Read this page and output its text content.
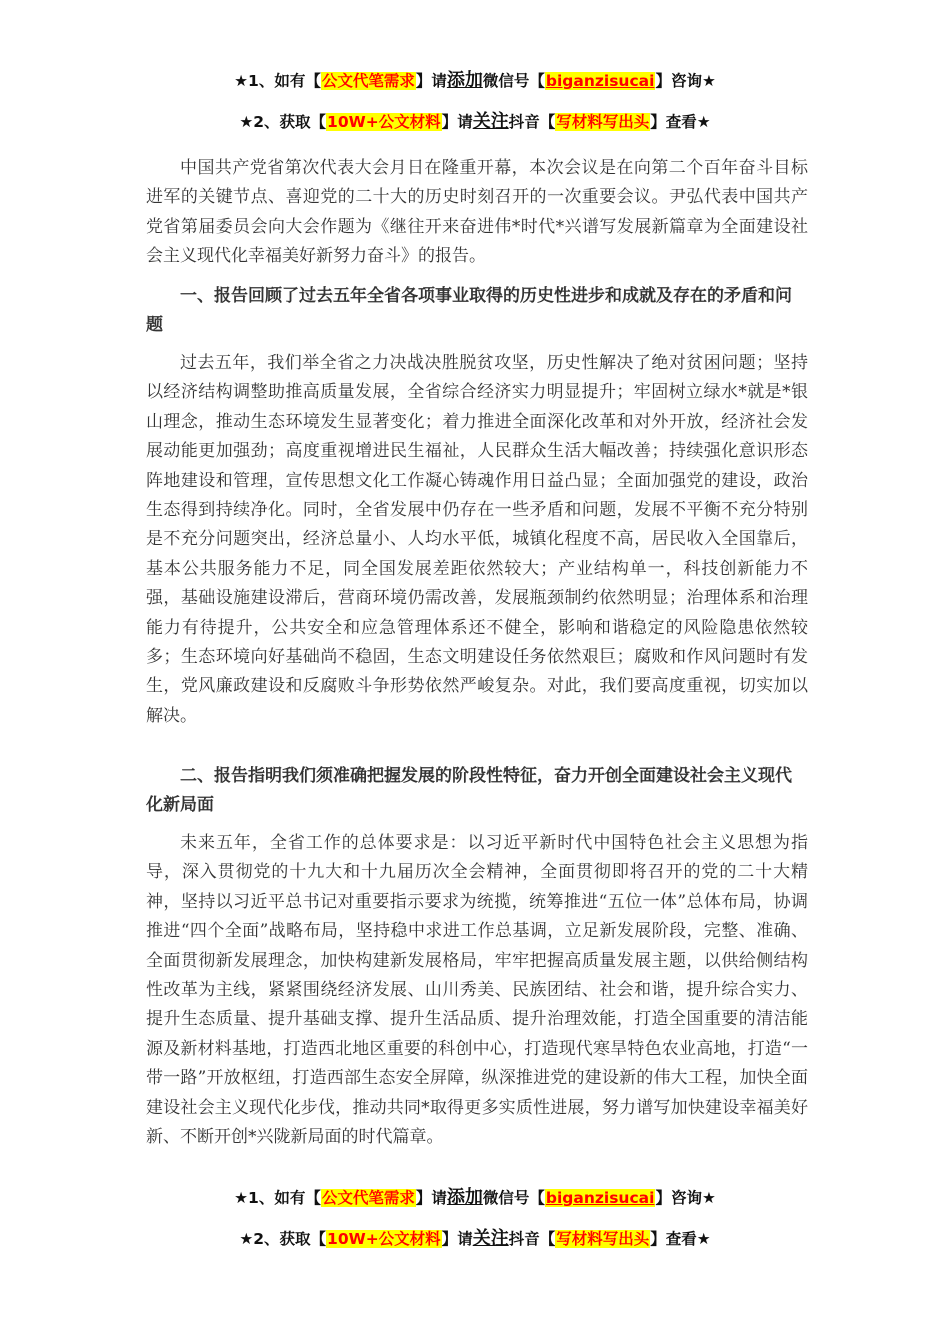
★1、如有【公文代笔需求】请添加微信号【biganzisucai】咨询★
★2、获取【10W+公文材料】请关注抖音【写材料写出头】查看★

中国共产党省第次代表大会月日在隆重开幕，本次会议是在向第二个百年奋斗目标进军的关键节点、喜迎党的二十大的历史时刻召开的一次重要会议。尹弘代表中国共产党省第届委员会向大会作题为《继往开来奋进伟*时代*兴谱写发展新篇章为全面建设社会主义现代化幸福美好新努力奋斗》的报告。

一、报告回顾了过去五年全省各项事业取得的历史性进步和成就及存在的矛盾和问题

过去五年，我们举全省之力决战决胜脱贫攻坚，历史性解决了绝对贫困问题；坚持以经济结构调整助推高质量发展，全省综合经济实力明显提升；牢固树立绿水*就是*银山理念，推动生态环境发生显著变化；着力推进全面深化改革和对外开放，经济社会发展动能更加强劲；高度重视增进民生福祉，人民群众生活大幅改善；持续强化意识形态阵地建设和管理，宣传思想文化工作凝心铸魂作用日益凸显；全面加强党的建设，政治生态得到持续净化。同时，全省发展中仍存在一些矛盾和问题，发展不平衡不充分特别是不充分问题突出，经济总量小、人均水平低，城镇化程度不高，居民收入全国靠后，基本公共服务能力不足，同全国发展差距依然较大；产业结构单一，科技创新能力不强，基础设施建设滞后，营商环境仍需改善，发展瓶颈制约依然明显；治理体系和治理能力有待提升，公共安全和应急管理体系还不健全，影响和谐稳定的风险隐患依然较多；生态环境向好基础尚不稳固，生态文明建设任务依然艰巨；腐败和作风问题时有发生，党风廉政建设和反腐败斗争形势依然严峻复杂。对此，我们要高度重视，切实加以解决。

二、报告指明我们须准确把握发展的阶段性特征，奋力开创全面建设社会主义现代化新局面

未来五年，全省工作的总体要求是：以习近平新时代中国特色社会主义思想为指导，深入贯彻党的十九大和十九届历次全会精神，全面贯彻即将召开的党的二十大精神，坚持以习近平总书记对重要指示要求为统揽，统筹推进“五位一体”总体布局，协调推进“四个全面”战略布局，坚持稳中求进工作总基调，立足新发展阶段，完整、准确、全面贯彻新发展理念，加快构建新发展格局，牢牢把握高质量发展主题，以供给侧结构性改革为主线，紧紧围绕经济发展、山川秀美、民族团结、社会和谐，提升综合实力、提升生态质量、提升基础支撑、提升生活品质、提升治理效能，打造全国重要的清洁能源及新材料基地，打造西北地区重要的科创中心，打造现代寒旱特色农业高地，打造“一带一路”开放枢纽，打造西部生态安全屏障，纵深推进党的建设新的伟大工程，加快全面建设社会主义现代化步伐，推动共同*取得更多实质性进展，努力谱写加快建设幸福美好新、不断开创*兴陇新局面的时代篇章。

★1、如有【公文代笔需求】请添加微信号【biganzisucai】咨询★
★2、获取【10W+公文材料】请关注抖音【写材料写出头】查看★
